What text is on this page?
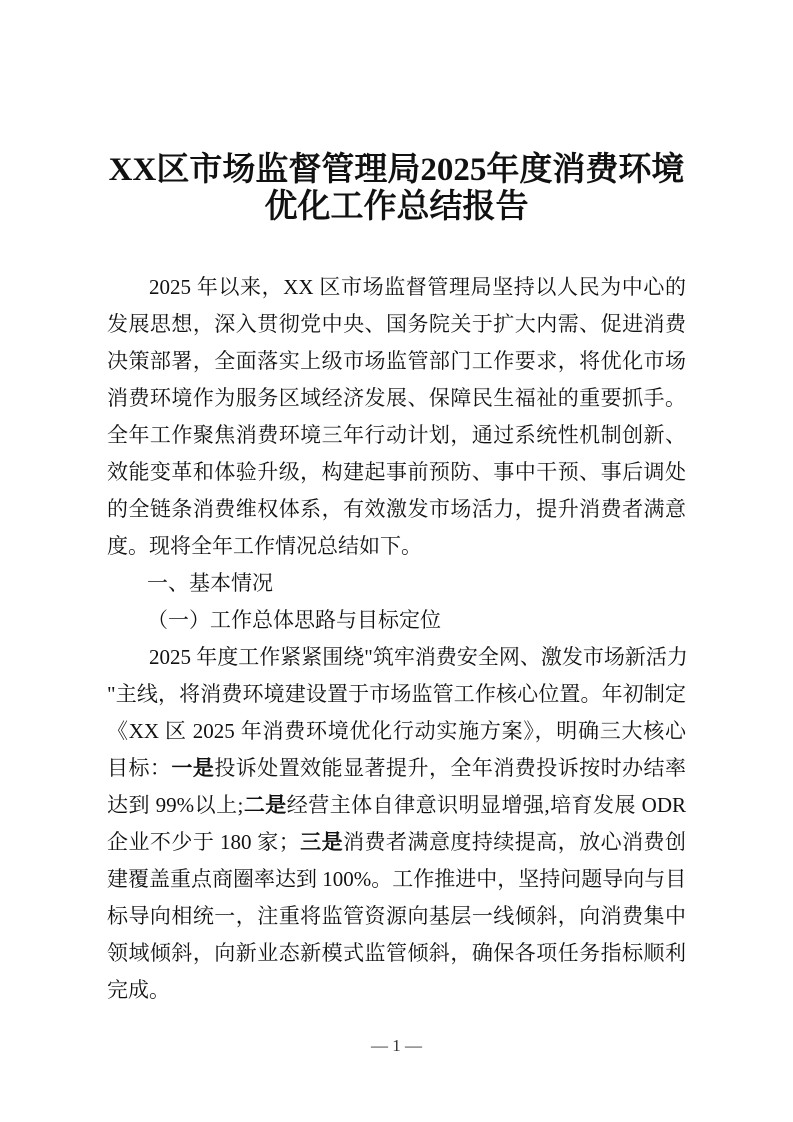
XX区市场监督管理局2025年度消费环境
优化工作总结报告
2025 年以来，XX 区市场监督管理局坚持以人民为中心的
发展思想，深入贯彻党中央、国务院关于扩大内需、促进消费
决策部署，全面落实上级市场监管部门工作要求，将优化市场
消费环境作为服务区域经济发展、保障民生福祉的重要抓手。
全年工作聚焦消费环境三年行动计划，通过系统性机制创新、
效能变革和体验升级，构建起事前预防、事中干预、事后调处
的全链条消费维权体系，有效激发市场活力，提升消费者满意
度。现将全年工作情况总结如下。
一、基本情况
（一）工作总体思路与目标定位
2025 年度工作紧紧围绕"筑牢消费安全网、激发市场新活力
"主线，将消费环境建设置于市场监管工作核心位置。年初制定
《XX 区 2025 年消费环境优化行动实施方案》，明确三大核心
目标：一是投诉处置效能显著提升，全年消费投诉按时办结率
达到 99%以上;二是经营主体自律意识明显增强,培育发展 ODR
企业不少于 180 家；三是消费者满意度持续提高，放心消费创
建覆盖重点商圈率达到 100%。工作推进中，坚持问题导向与目
标导向相统一，注重将监管资源向基层一线倾斜，向消费集中
领域倾斜，向新业态新模式监管倾斜，确保各项任务指标顺利
完成。
— 1 —
